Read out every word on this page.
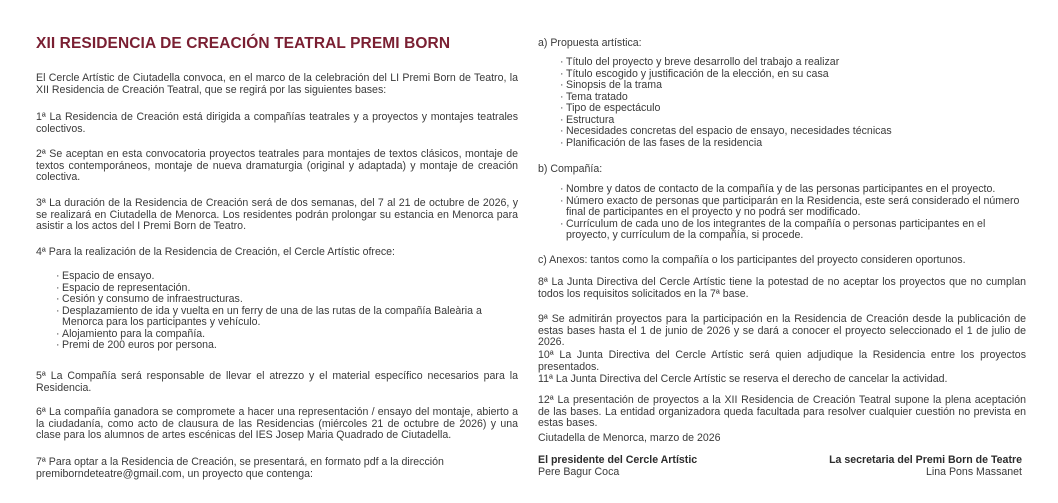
XII RESIDENCIA DE CREACIÓN TEATRAL PREMI BORN

El Cercle Artístic de Ciutadella convoca, en el marco de la celebración del LI Premi Born de Teatro, la XII Residencia de Creación Teatral, que se regirá por las siguientes bases:

1ª La Residencia de Creación está dirigida a compañías teatrales y a proyectos y montajes teatrales colectivos.

2ª Se aceptan en esta convocatoria proyectos teatrales para montajes de textos clásicos, montaje de textos contemporáneos, montaje de nueva dramaturgia (original y adaptada) y montaje de creación colectiva.

3ª La duración de la Residencia de Creación será de dos semanas, del 7 al 21 de octubre de 2026, y se realizará en Ciutadella de Menorca. Los residentes podrán prolongar su estancia en Menorca para asistir a los actos del I Premi Born de Teatro.

4ª Para la realización de la Residencia de Creación, el Cercle Artístic ofrece:

· Espacio de ensayo.
· Espacio de representación.
· Cesión y consumo de infraestructuras.
· Desplazamiento de ida y vuelta en un ferry de una de las rutas de la compañía Baleària a Menorca para los participantes y vehículo.
· Alojamiento para la compañía.
· Premi de 200 euros por persona.

5ª La Compañía será responsable de llevar el atrezzo y el material específico necesarios para la Residencia.

6ª La compañía ganadora se compromete a hacer una representación / ensayo del montaje, abierto a la ciudadanía, como acto de clausura de las Residencias (miércoles 21 de octubre de 2026) y una clase para los alumnos de artes escénicas del IES Josep Maria Quadrado de Ciutadella.

7ª Para optar a la Residencia de Creación, se presentará, en formato pdf a la dirección
premiborndeteatre@gmail.com, un proyecto que contenga:
a) Propuesta artística:
· Título del proyecto y breve desarrollo del trabajo a realizar
· Título escogido y justificación de la elección, en su casa
· Sinopsis de la trama
· Tema tratado
· Tipo de espectáculo
· Estructura
· Necesidades concretas del espacio de ensayo, necesidades técnicas
· Planificación de las fases de la residencia
b) Compañía:
· Nombre y datos de contacto de la compañía y de las personas participantes en el proyecto.
· Número exacto de personas que participarán en la Residencia, este será considerado el número final de participantes en el proyecto y no podrá ser modificado.
· Currículum de cada uno de los integrantes de la compañía o personas participantes en el proyecto, y currículum de la compañía, si procede.

c) Anexos: tantos como la compañía o los participantes del proyecto consideren oportunos.

8ª La Junta Directiva del Cercle Artístic tiene la potestad de no aceptar los proyectos que no cumplan todos los requisitos solicitados en la 7ª base.

9ª Se admitirán proyectos para la participación en la Residencia de Creación desde la publicación de estas bases hasta el 1 de junio de 2026 y se dará a conocer el proyecto seleccionado el 1 de julio de 2026.

10ª La Junta Directiva del Cercle Artístic será quien adjudique la Residencia entre los proyectos presentados.

11ª La Junta Directiva del Cercle Artístic se reserva el derecho de cancelar la actividad.

12ª La presentación de proyectos a la XII Residencia de Creación Teatral supone la plena aceptación de las bases. La entidad organizadora queda facultada para resolver cualquier cuestión no prevista en estas bases.

Ciutadella de Menorca, marzo de 2026
El presidente del Cercle Artístic
Pere Bagur Coca
La secretaria del Premi Born de Teatre
Lina Pons Massanet
